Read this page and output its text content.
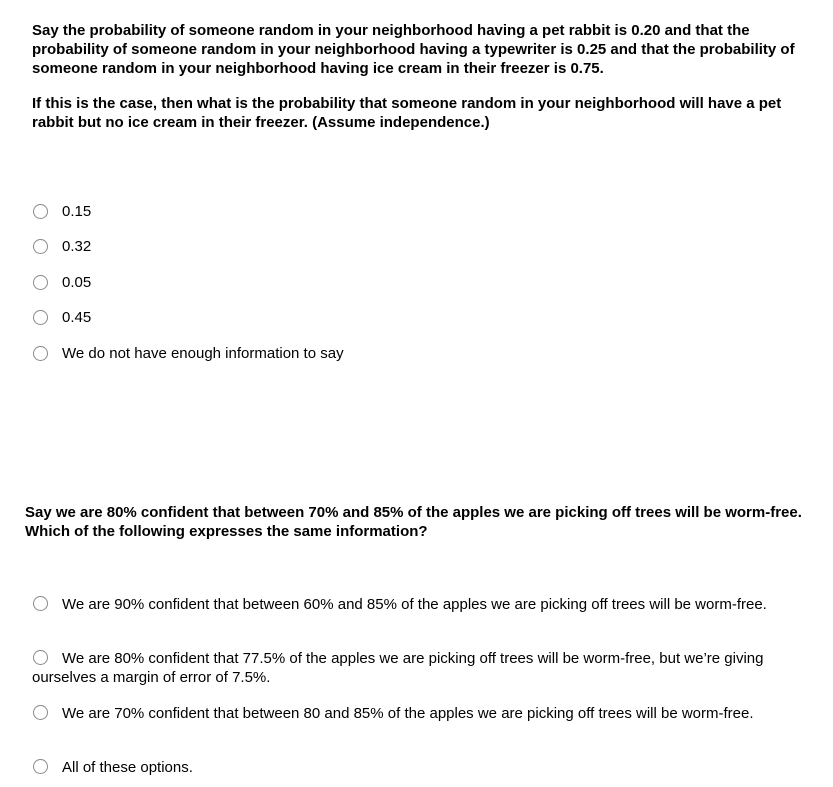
Say the probability of someone random in your neighborhood having a pet rabbit is 0.20 and that the probability of someone random in your neighborhood having a typewriter is 0.25 and that the probability of someone random in your neighborhood having ice cream in their freezer is 0.75.

If this is the case, then what is the probability that someone random in your neighborhood will have a pet rabbit but no ice cream in their freezer. (Assume independence.)

0.15
0.32
0.05
0.45
We do not have enough information to say

Say we are 80% confident that between 70% and 85% of the apples we are picking off trees will be worm-free. Which of the following expresses the same information?

We are 90% confident that between 60% and 85% of the apples we are picking off trees will be worm-free.
We are 80% confident that 77.5% of the apples we are picking off trees will be worm-free, but we’re giving ourselves a margin of error of 7.5%.
We are 70% confident that between 80 and 85% of the apples we are picking off trees will be worm-free.
All of these options.
